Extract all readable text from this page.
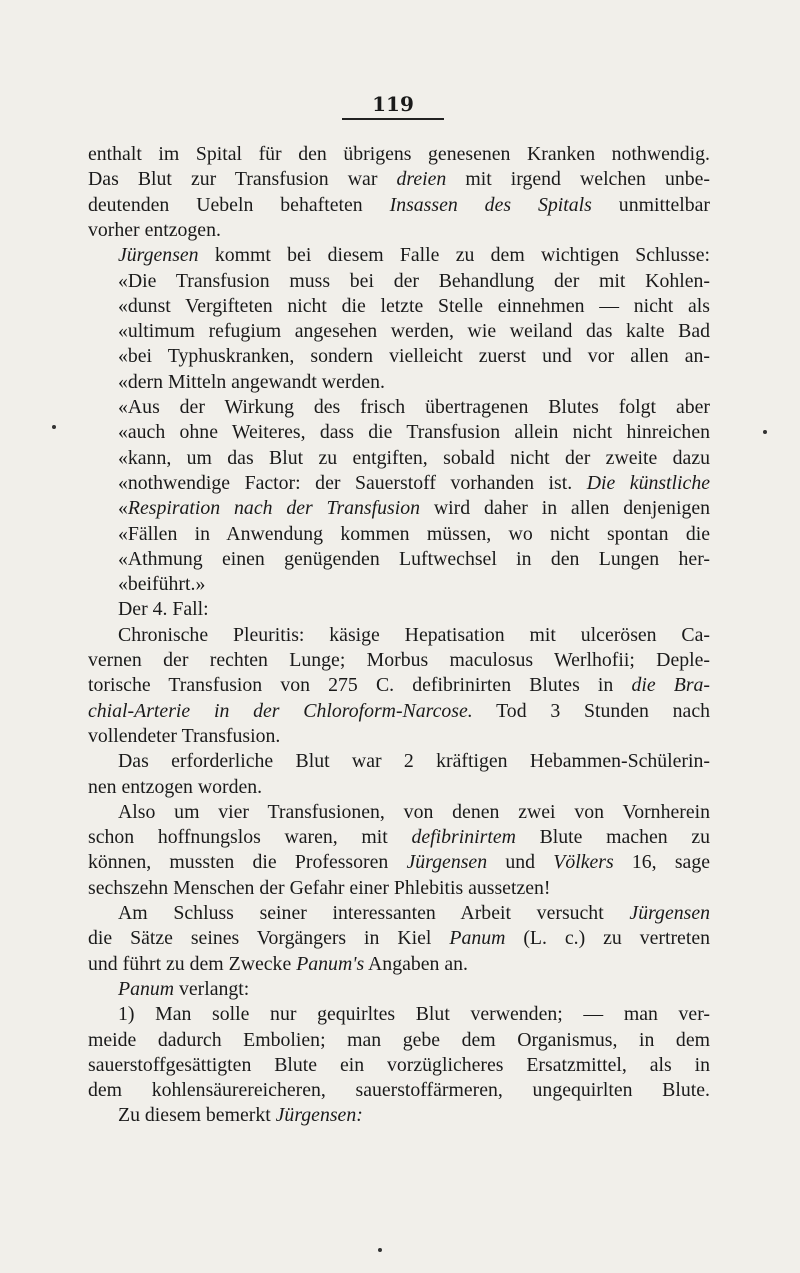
119
enthalt im Spital für den übrigens genesenen Kranken nothwendig.
Das Blut zur Transfusion war dreien mit irgend welchen unbe-
deutenden Uebeln behafteten Insassen des Spitals unmittelbar
vorher entzogen.
Jürgensen kommt bei diesem Falle zu dem wichtigen Schlusse:
«Die Transfusion muss bei der Behandlung der mit Kohlen-
«dunst Vergifteten nicht die letzte Stelle einnehmen — nicht als
«ultimum refugium angesehen werden, wie weiland das kalte Bad
«bei Typhuskranken, sondern vielleicht zuerst und vor allen an-
«dern Mitteln angewandt werden.
«Aus der Wirkung des frisch übertragenen Blutes folgt aber
«auch ohne Weiteres, dass die Transfusion allein nicht hinreichen
«kann, um das Blut zu entgiften, sobald nicht der zweite dazu
«nothwendige Factor: der Sauerstoff vorhanden ist. Die künstliche
«Respiration nach der Transfusion wird daher in allen denjenigen
«Fällen in Anwendung kommen müssen, wo nicht spontan die
«Athmung einen genügenden Luftwechsel in den Lungen her-
«beiführt.»
Der 4. Fall:
Chronische Pleuritis: käsige Hepatisation mit ulcerösen Ca-
vernen der rechten Lunge; Morbus maculosus Werlhofii; Deple-
torische Transfusion von 275 C. defibrinirten Blutes in die Bra-
chial-Arterie in der Chloroform-Narcose. Tod 3 Stunden nach
vollendeter Transfusion.
Das erforderliche Blut war 2 kräftigen Hebammen-Schülerin-
nen entzogen worden.
Also um vier Transfusionen, von denen zwei von Vornherein
schon hoffnungslos waren, mit defibrinirtem Blute machen zu
können, mussten die Professoren Jürgensen und Völkers 16, sage
sechszehn Menschen der Gefahr einer Phlebitis aussetzen!
Am Schluss seiner interessanten Arbeit versucht Jürgensen
die Sätze seines Vorgängers in Kiel Panum (L. c.) zu vertreten
und führt zu dem Zwecke Panum's Angaben an.
Panum verlangt:
1) Man solle nur gequirltes Blut verwenden; — man ver-
meide dadurch Embolien; man gebe dem Organismus, in dem
sauerstoffgesättigten Blute ein vorzüglicheres Ersatzmittel, als in
dem kohlensäurereicheren, sauerstoffärmeren, ungequirlten Blute.
Zu diesem bemerkt Jürgensen:
